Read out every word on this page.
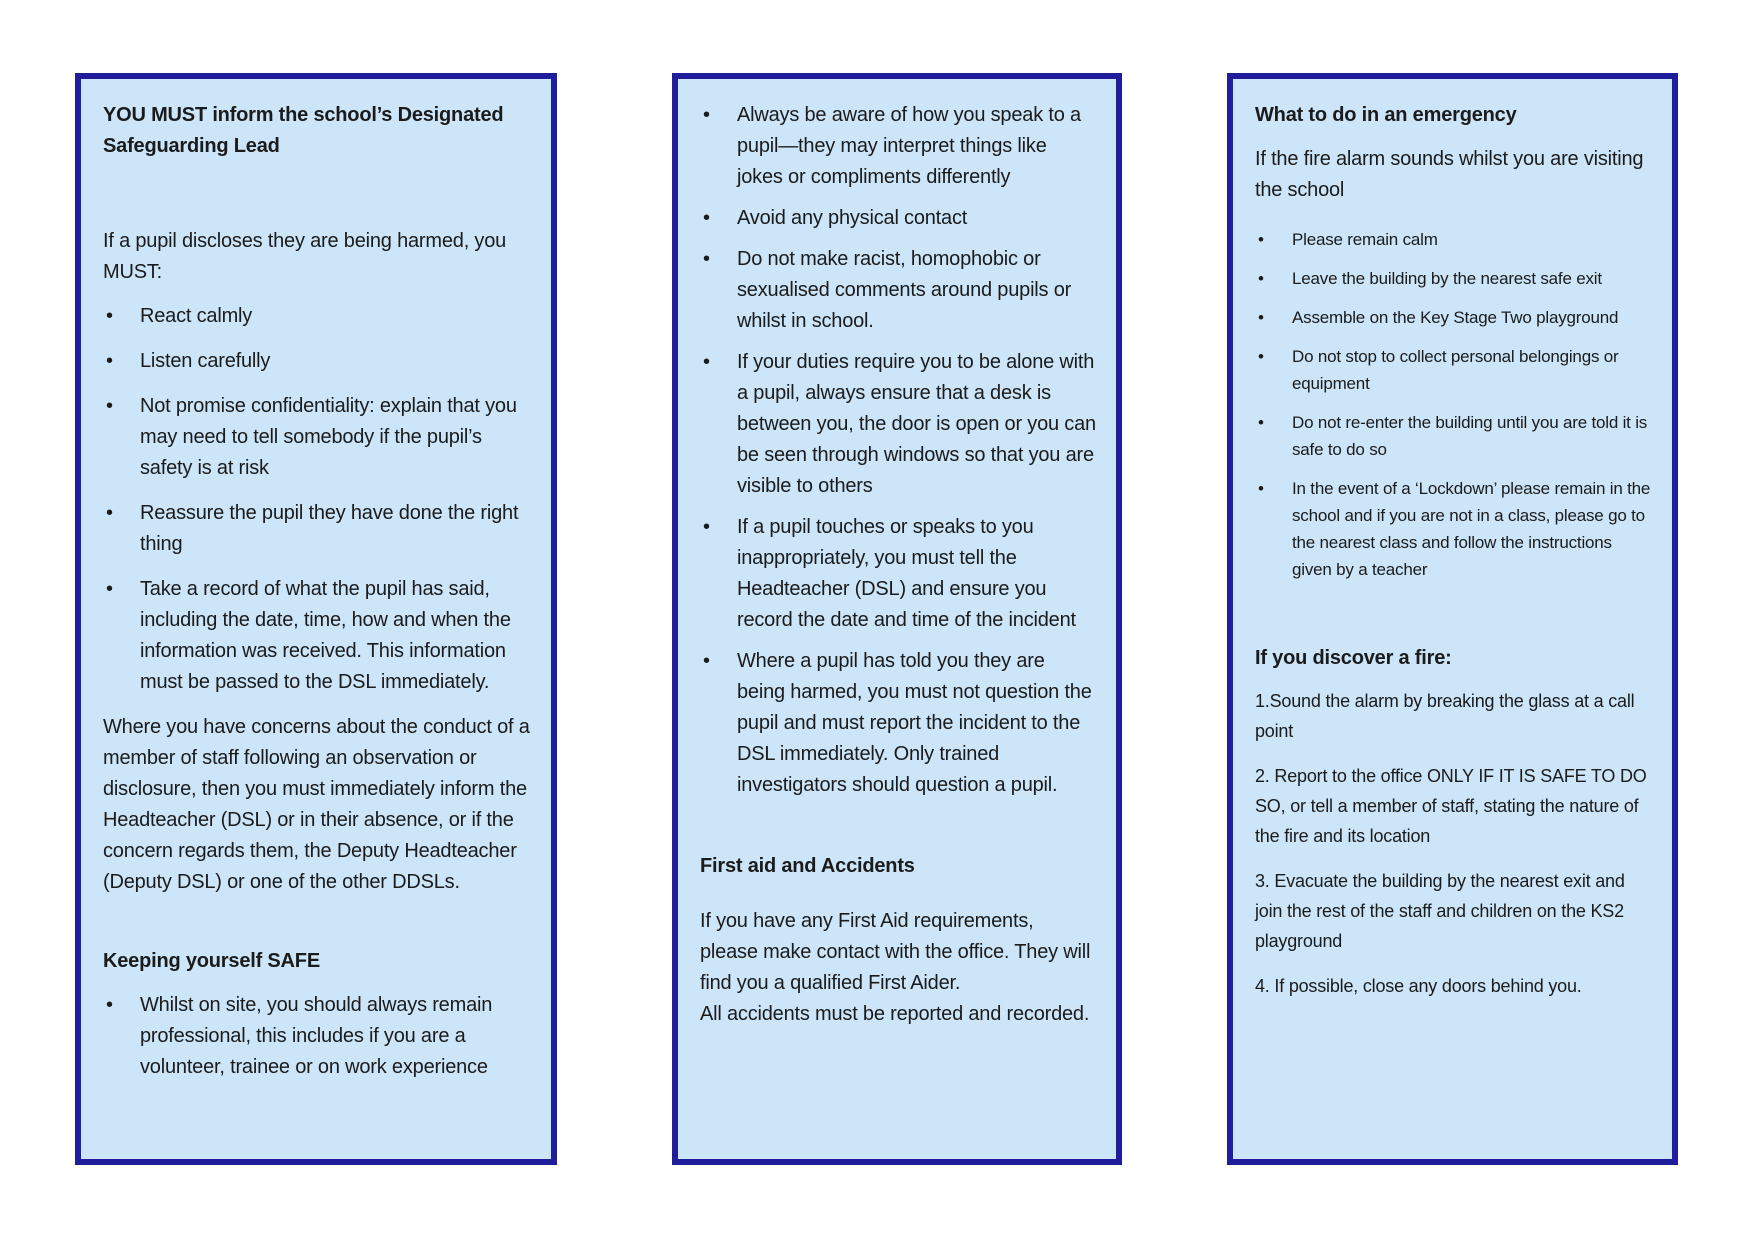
YOU MUST inform the school’s Designated Safeguarding Lead

If a pupil discloses they are being harmed, you MUST:

• React calmly
• Listen carefully
• Not promise confidentiality: explain that you may need to tell somebody if the pupil’s safety is at risk
• Reassure the pupil they have done the right thing
• Take a record of what the pupil has said, including the date, time, how and when the information was received. This information must be passed to the DSL immediately.

Where you have concerns about the conduct of a member of staff following an observation or disclosure, then you must immediately inform the Headteacher (DSL) or in their absence, or if the concern regards them, the Deputy Headteacher (Deputy DSL) or one of the other DDSLs.

Keeping yourself SAFE
• Whilst on site, you should always remain professional, this includes if you are a volunteer, trainee or on work experience
• Always be aware of how you speak to a pupil—they may interpret things like jokes or compliments differently
• Avoid any physical contact
• Do not make racist, homophobic or sexualised comments around pupils or whilst in school.
• If your duties require you to be alone with a pupil, always ensure that a desk is between you, the door is open or you can be seen through windows so that you are visible to others
• If a pupil touches or speaks to you inappropriately, you must tell the Headteacher (DSL) and ensure you record the date and time of the incident
• Where a pupil has told you they are being harmed, you must not question the pupil and must report the incident to the DSL immediately. Only trained investigators should question a pupil.
First aid and Accidents

If you have any First Aid requirements, please make contact with the office. They will find you a qualified First Aider.

All accidents must be reported and recorded.

What to do in an emergency

If the fire alarm sounds whilst you are visiting the school

• Please remain calm
• Leave the building by the nearest safe exit
• Assemble on the Key Stage Two playground
• Do not stop to collect personal belongings or equipment
• Do not re-enter the building until you are told it is safe to do so
• In the event of a ‘Lockdown’ please remain in the school and if you are not in a class, please go to the nearest class and follow the instructions given by a teacher
If you discover a fire:

1.Sound the alarm by breaking the glass at a call point

2. Report to the office ONLY IF IT IS SAFE TO DO SO, or tell a member of staff, stating the nature of the fire and its location

3. Evacuate the building by the nearest exit and join the rest of the staff and children on the KS2 playground

4. If possible, close any doors behind you.
